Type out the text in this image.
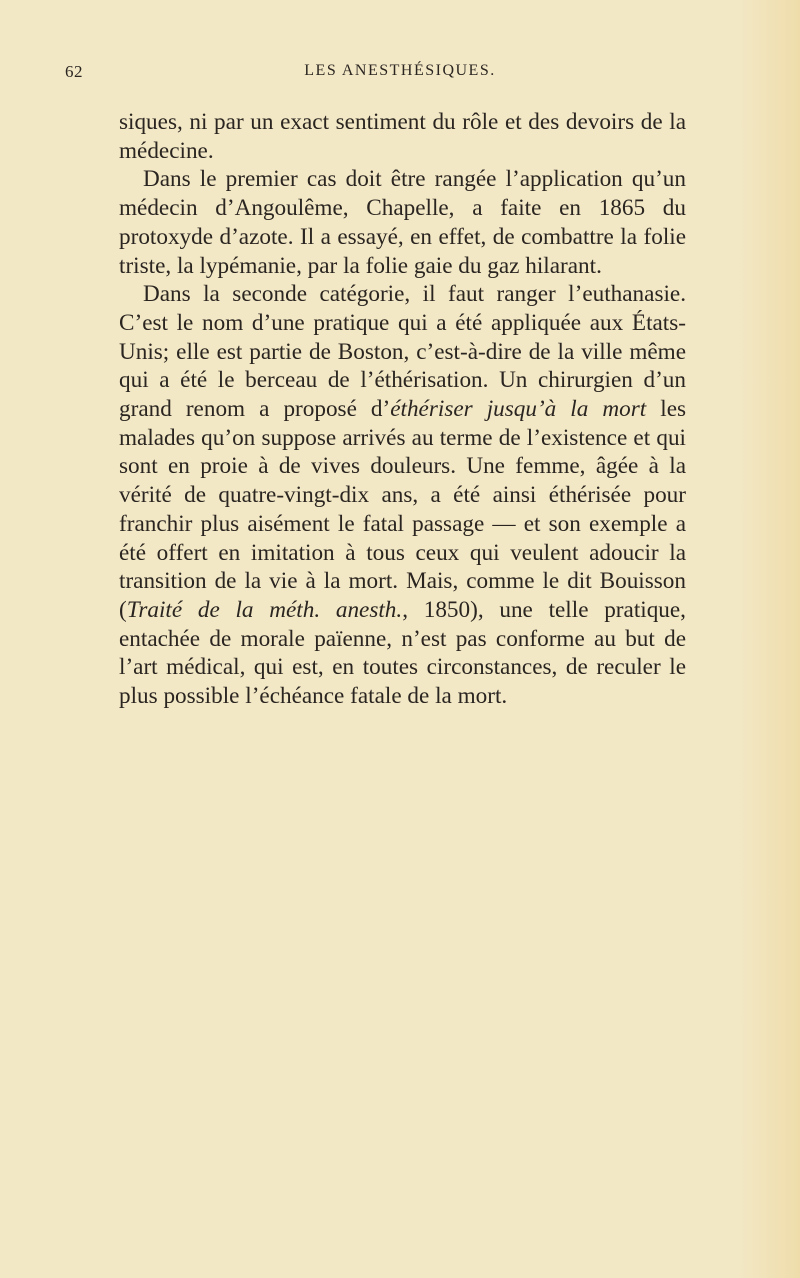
62	LES ANESTHÉSIQUES.

siques, ni par un exact sentiment du rôle et des devoirs de la médecine.

Dans le premier cas doit être rangée l’application qu’un médecin d’Angoulême, Chapelle, a faite en 1865 du protoxyde d’azote. Il a essayé, en effet, de combattre la folie triste, la lypémanie, par la folie gaie du gaz hilarant.

Dans la seconde catégorie, il faut ranger l’euthanasie. C’est le nom d’une pratique qui a été appliquée aux États-Unis; elle est partie de Boston, c’est-à-dire de la ville même qui a été le berceau de l’éthérisation. Un chirurgien d’un grand renom a proposé d’éthériser jusqu’à la mort les malades qu’on suppose arrivés au terme de l’existence et qui sont en proie à de vives douleurs. Une femme, âgée à la vérité de quatre-vingt-dix ans, a été ainsi éthérisée pour franchir plus aisément le fatal passage — et son exemple a été offert en imitation à tous ceux qui veulent adoucir la transition de la vie à la mort. Mais, comme le dit Bouisson (Traité de la méth. anesth., 1850), une telle pratique, entachée de morale païenne, n’est pas conforme au but de l’art médical, qui est, en toutes circonstances, de reculer le plus possible l’échéance fatale de la mort.
